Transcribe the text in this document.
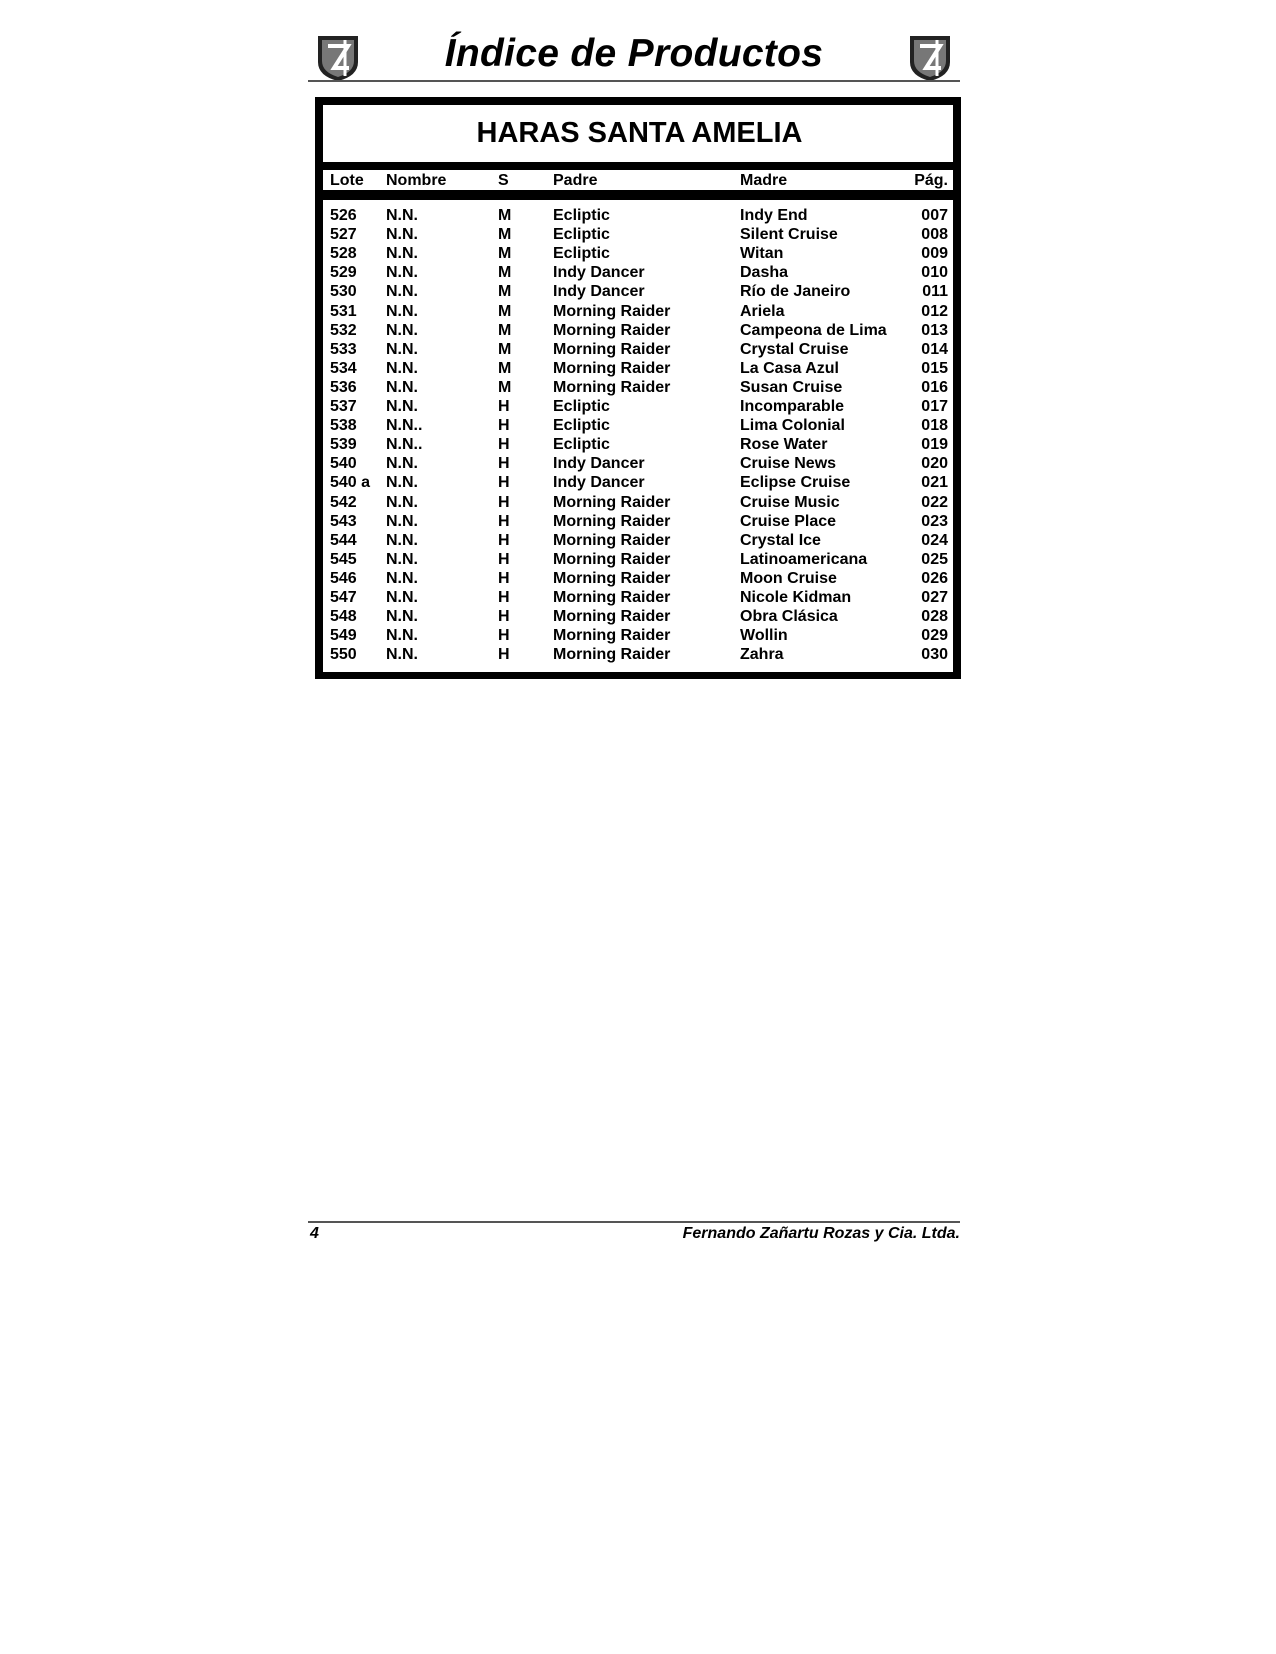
Índice de Productos
HARAS SANTA AMELIA
Lote Nombre	S	Padre	Madre	Pág.
526 N.N.	M	Ecliptic	Indy End	007
527 N.N.	M	Ecliptic	Silent Cruise	008
528 N.N.	M	Ecliptic	Witan	009
529 N.N.	M	Indy Dancer	Dasha	010
530 N.N.	M	Indy Dancer	Río de Janeiro	011
531 N.N.	M	Morning Raider	Ariela	012
532 N.N.	M	Morning Raider	Campeona de Lima 013
533 N.N.	M	Morning Raider	Crystal Cruise	014
534 N.N.	M	Morning Raider	La Casa Azul	015
536 N.N.	M	Morning Raider	Susan Cruise	016
537 N.N.	H	Ecliptic	Incomparable	017
538 N.N..	H	Ecliptic	Lima Colonial	018
539 N.N..	H	Ecliptic	Rose Water	019
540 N.N.	H	Indy Dancer	Cruise News	020
540 a N.N.	H	Indy Dancer	Eclipse Cruise	021
542 N.N.	H	Morning Raider	Cruise Music	022
543 N.N.	H	Morning Raider	Cruise Place	023
544 N.N.	H	Morning Raider	Crystal Ice	024
545 N.N.	H	Morning Raider	Latinoamericana	025
546 N.N.	H	Morning Raider	Moon Cruise	026
547 N.N.	H	Morning Raider	Nicole Kidman	027
548 N.N.	H	Morning Raider	Obra Clásica	028
549 N.N.	H	Morning Raider	Wollin	029
550 N.N.	H	Morning Raider	Zahra	030
4	Fernando Zañartu Rozas y Cia. Ltda.
